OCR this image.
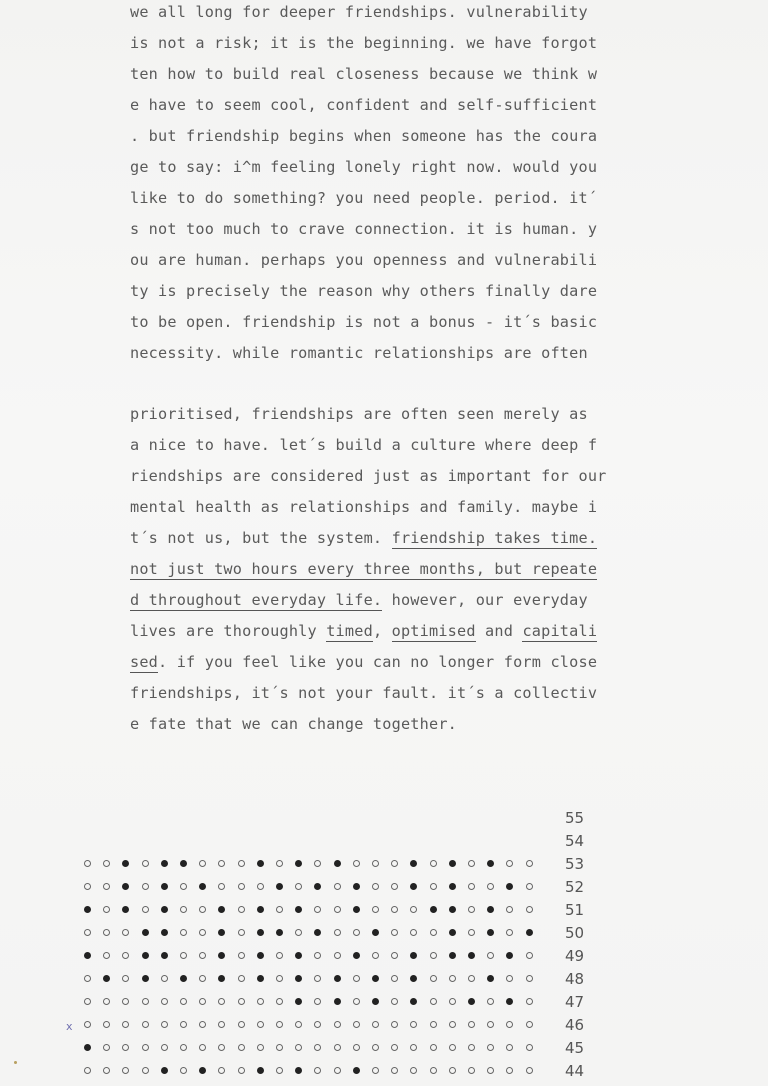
we all long for deeper friendships. vulnerability
is not a risk; it is the beginning. we have forgot
ten how to build real closeness because we think w
e have to seem cool, confident and self-sufficient
. but friendship begins when someone has the coura
ge to say: i^m feeling lonely right now. would you
like to do something? you need people. period. it´
s not too much to crave connection. it is human. y
ou are human. perhaps you openness and vulnerabili
ty is precisely the reason why others finally dare
to be open. friendship is not a bonus - it´s basic
necessity. while romantic relationships are often
prioritised, friendships are often seen merely as
a nice to have. let´s build a culture where deep f
riendships are considered just as important for our
mental health as relationships and family. maybe i
t´s not us, but the system. friendship takes time.
not just two hours every three months, but repeate
d throughout everyday life. however, our everyday
lives are thoroughly timed, optimised and capitali
sed. if you feel like you can no longer form close
friendships, it´s not your fault. it´s a collectiv
e fate that we can change together.
55
54
53
52
51
50
49
48
47
46
45
44
x
